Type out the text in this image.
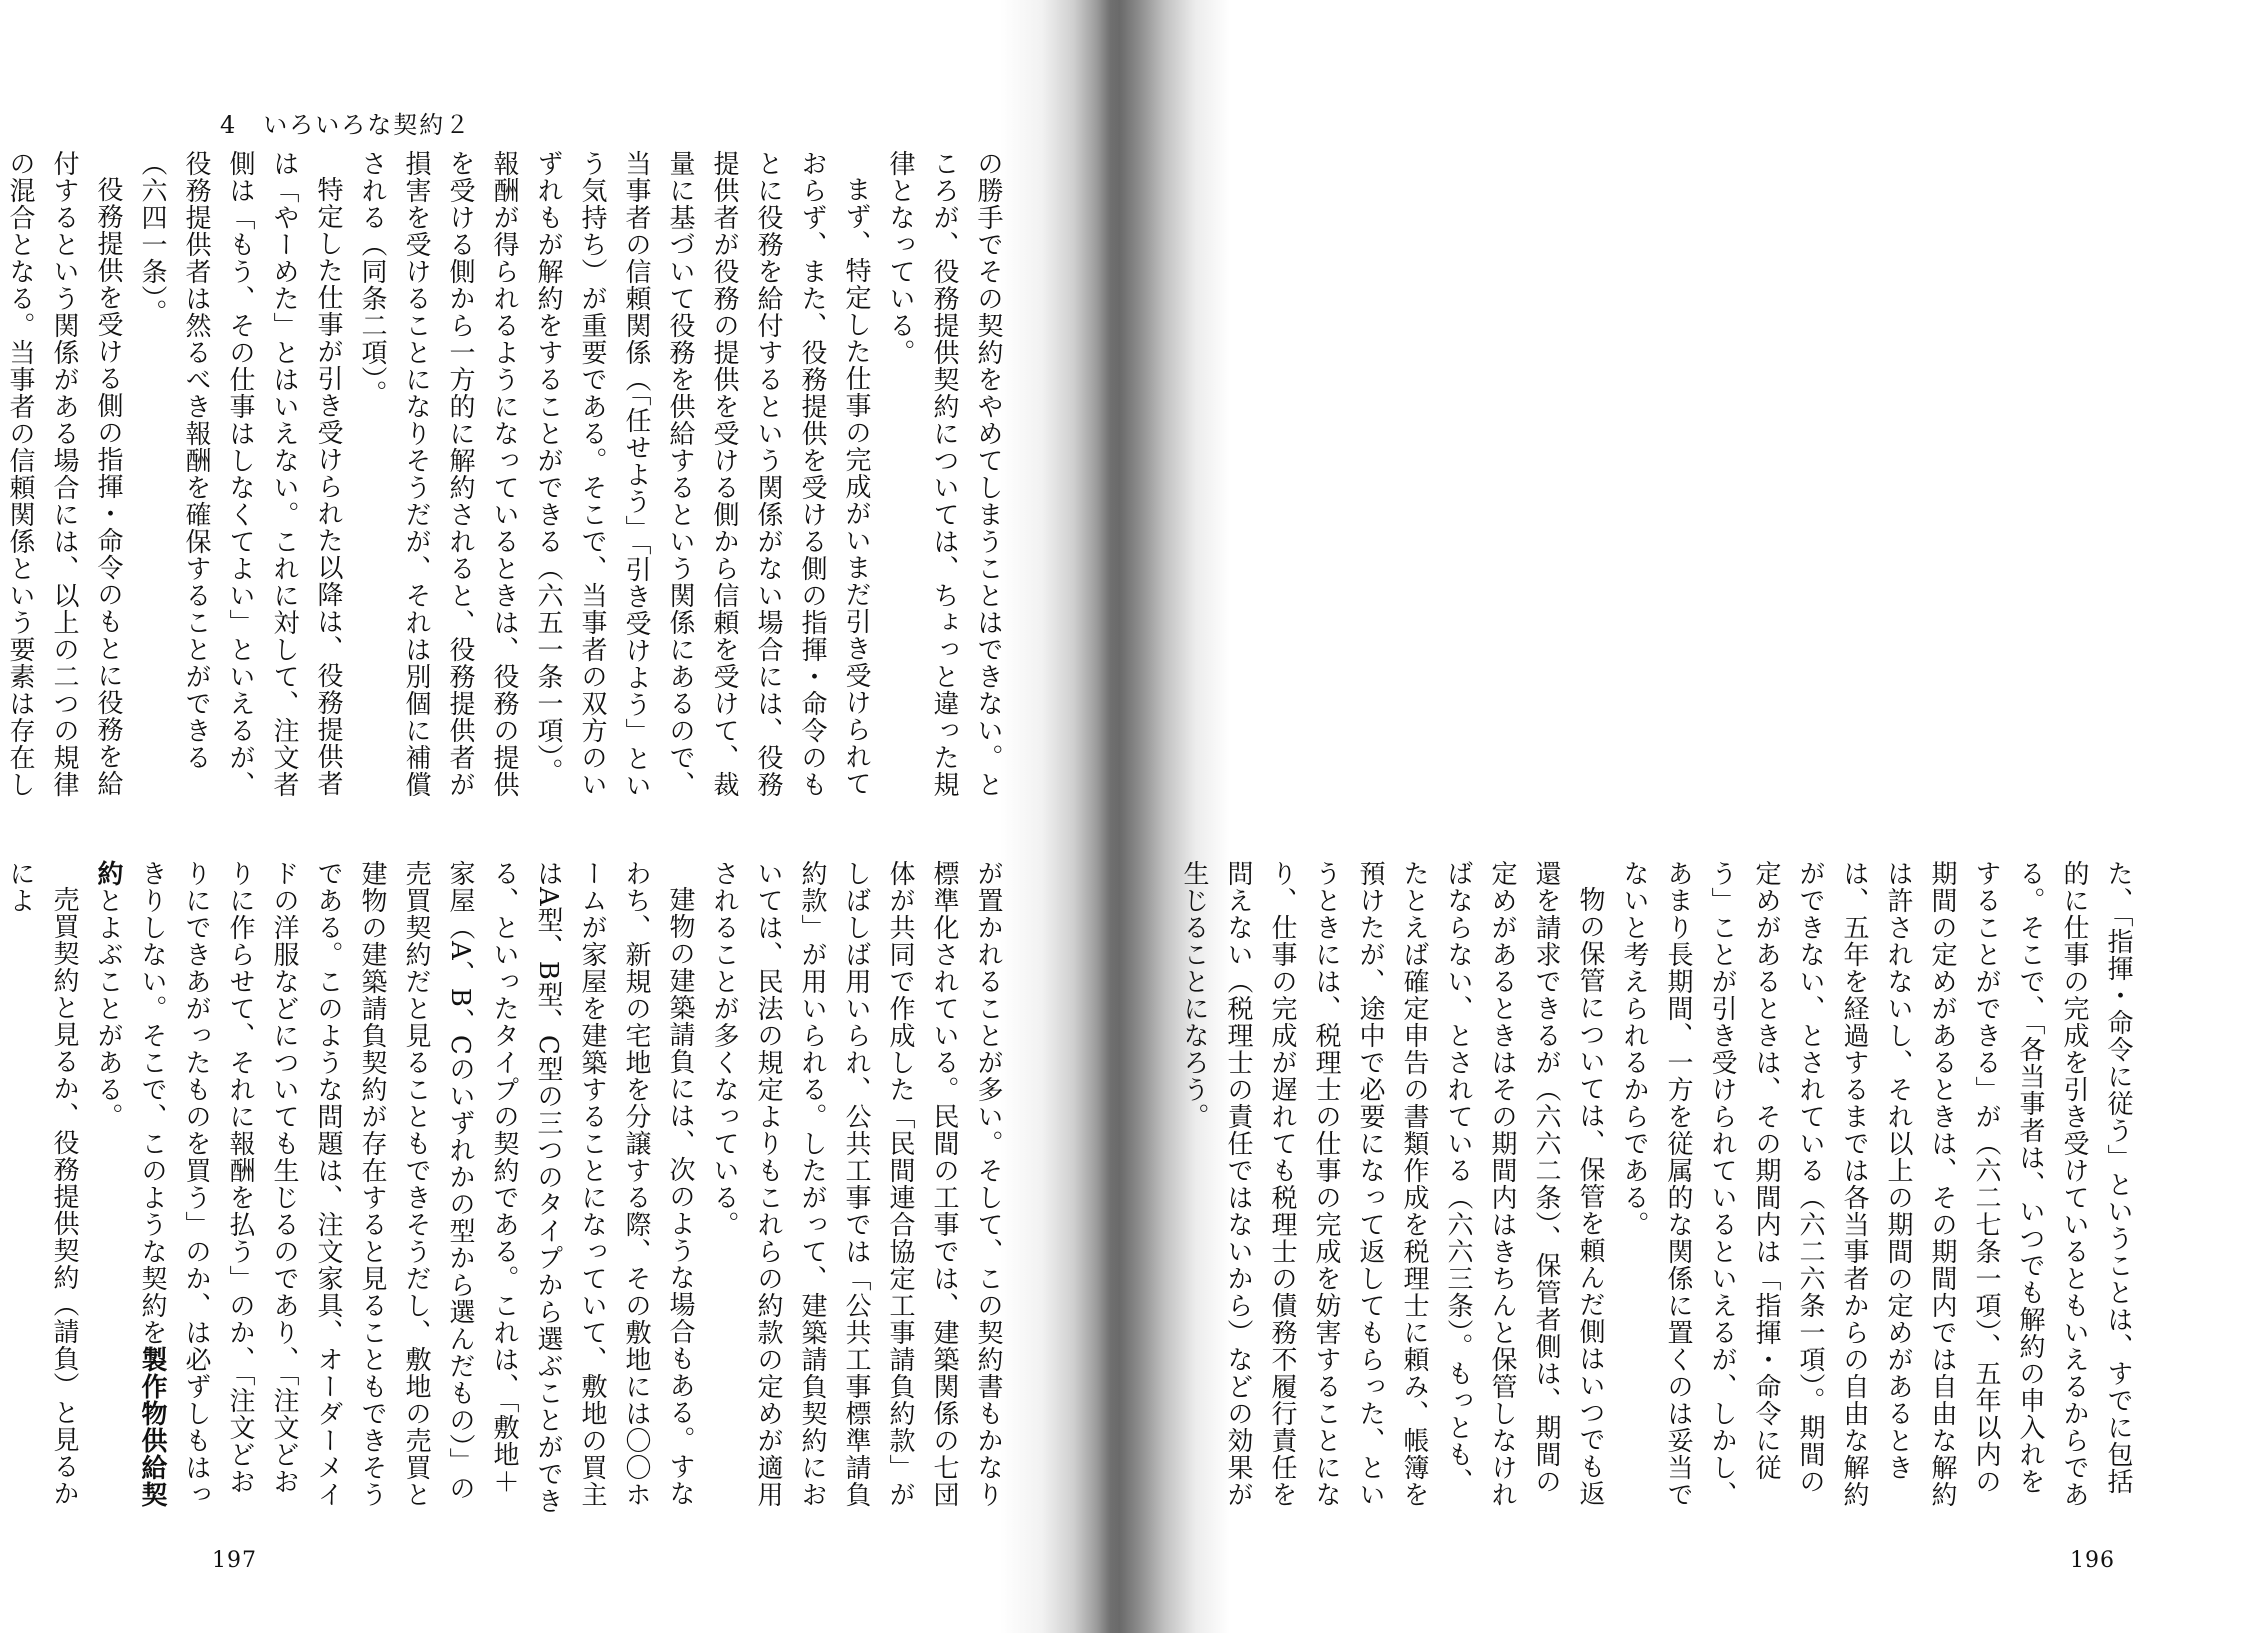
4　いろいろな契約２

の勝手でその契約をやめてしまうことはできない。ところが、役務提供契約については、ちょっと違った規律となっている。

まず、特定した仕事の完成がいまだ引き受けられておらず、また、役務提供を受ける側の指揮・命令のもとに役務を給付するという関係がない場合には、役務提供者が役務の提供を受ける側から信頼を受けて、裁量に基づいて役務を供給するという関係にあるので、当事者の信頼関係（「任せよう」「引き受けよう」という気持ち）が重要である。そこで、当事者の双方のいずれもが解約をすることができる（六五一条一項）。報酬が得られるようになっているときは、役務の提供を受ける側から一方的に解約されると、役務提供者が損害を受けることになりそうだが、それは別個に補償される（同条二項）。

特定した仕事が引き受けられた以降は、役務提供者は「やーめた」とはいえない。これに対して、注文者側は「もう、その仕事はしなくてよい」といえるが、役務提供者は然るべき報酬を確保することができる（六四一条）。

役務提供を受ける側の指揮・命令のもとに役務を給付するという関係がある場合には、以上の二つの規律の混合となる。当事者の信頼関係という要素は存在し

が置かれることが多い。そして、この契約書もかなり標準化されている。民間の工事では、建築関係の七団体が共同で作成した「民間連合協定工事請負約款」がしばしば用いられ、公共工事では「公共工事標準請負約款」が用いられる。したがって、建築請負契約においては、民法の規定よりもこれらの約款の定めが適用されることが多くなっている。

建物の建築請負には、次のような場合もある。すなわち、新規の宅地を分譲する際、その敷地には〇〇ホームが家屋を建築することになっていて、敷地の買主はA型、B型、C型の三つのタイプから選ぶことができる、といったタイプの契約である。これは、「敷地＋家屋（A、B、Cのいずれかの型から選んだもの）」の売買契約だと見ることもできそうだし、敷地の売買と建物の建築請負契約が存在すると見ることもできそうである。このような問題は、注文家具、オーダーメイドの洋服などについても生じるのであり、「注文どおりに作らせて、それに報酬を払う」のか、「注文どおりにできあがったものを買う」のか、は必ずしもはっきりしない。そこで、このような契約を製作物供給契約とよぶことがある。

売買契約と見るか、役務提供契約（請負）と見るかによ

197

た、「指揮・命令に従う」ということは、すでに包括的に仕事の完成を引き受けているともいえるからである。そこで、「各当事者は、いつでも解約の申入れをすることができる」が（六二七条一項）、五年以内の期間の定めがあるときは、その期間内では自由な解約は許されないし、それ以上の期間の定めがあるときは、五年を経過するまでは各当事者からの自由な解約ができない、とされている（六二六条一項）。期間の定めがあるときは、その期間内は「指揮・命令に従う」ことが引き受けられているといえるが、しかし、あまり長期間、一方を従属的な関係に置くのは妥当でないと考えられるからである。

物の保管については、保管を頼んだ側はいつでも返還を請求できるが（六六二条）、保管者側は、期間の定めがあるときはその期間内はきちんと保管しなければならない、とされている（六六三条）。もっとも、たとえば確定申告の書類作成を税理士に頼み、帳簿を預けたが、途中で必要になって返してもらった、というときには、税理士の仕事の完成を妨害することになり、仕事の完成が遅れても税理士の債務不履行責任を問えない（税理士の責任ではないから）などの効果が生じることになろう。

196
